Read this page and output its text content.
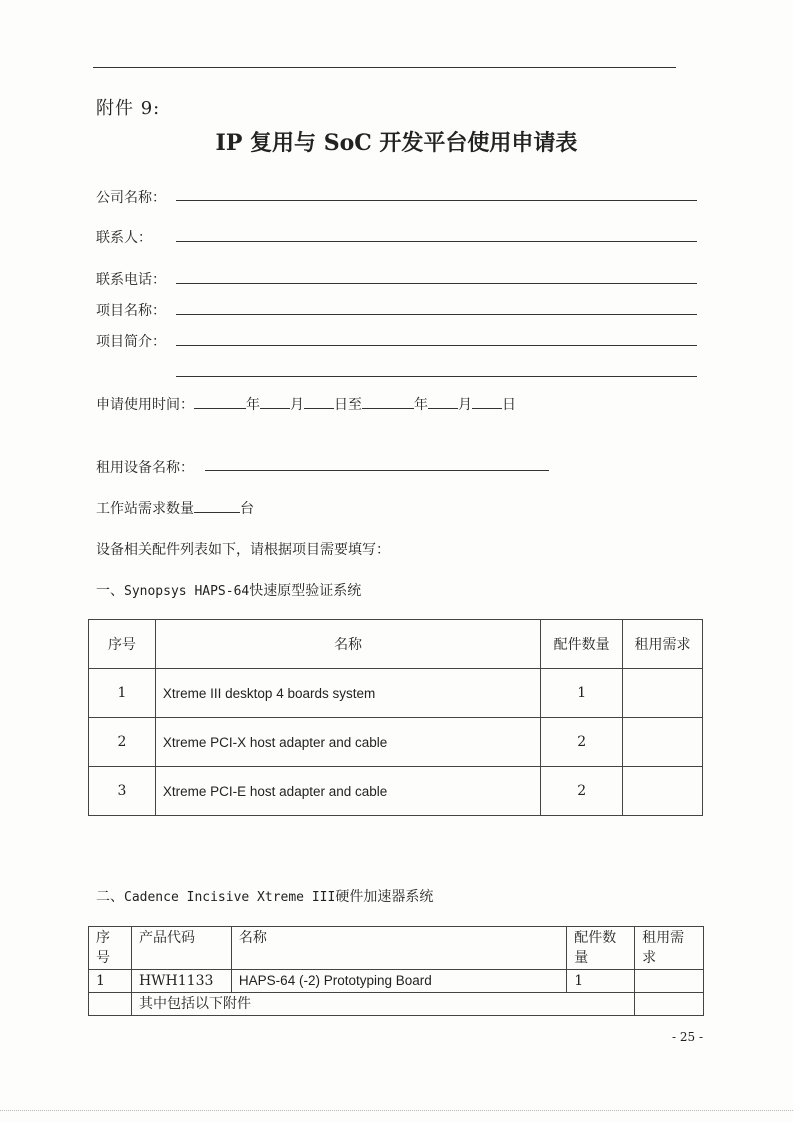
附件 9:
IP 复用与 SoC 开发平台使用申请表
公司名称：
联系人：
联系电话：
项目名称：
项目简介：
申请使用时间：	年 月 日至	年 月 日
租用设备名称：
工作站需求数量	台
设备相关配件列表如下，请根据项目需要填写：
一、Synopsys HAPS-64快速原型验证系统
序号	名称	配件数量	租用需求
1	Xtreme III desktop 4 boards system	1	
2	Xtreme PCI-X host adapter and cable	2	
3	Xtreme PCI-E host adapter and cable	2	
二、Cadence Incisive Xtreme III硬件加速器系统
序号	产品代码	名称	配件数量	租用需求
1	HWH1133	HAPS-64 (-2) Prototyping Board	1	
	其中包括以下附件			
- 25 -
